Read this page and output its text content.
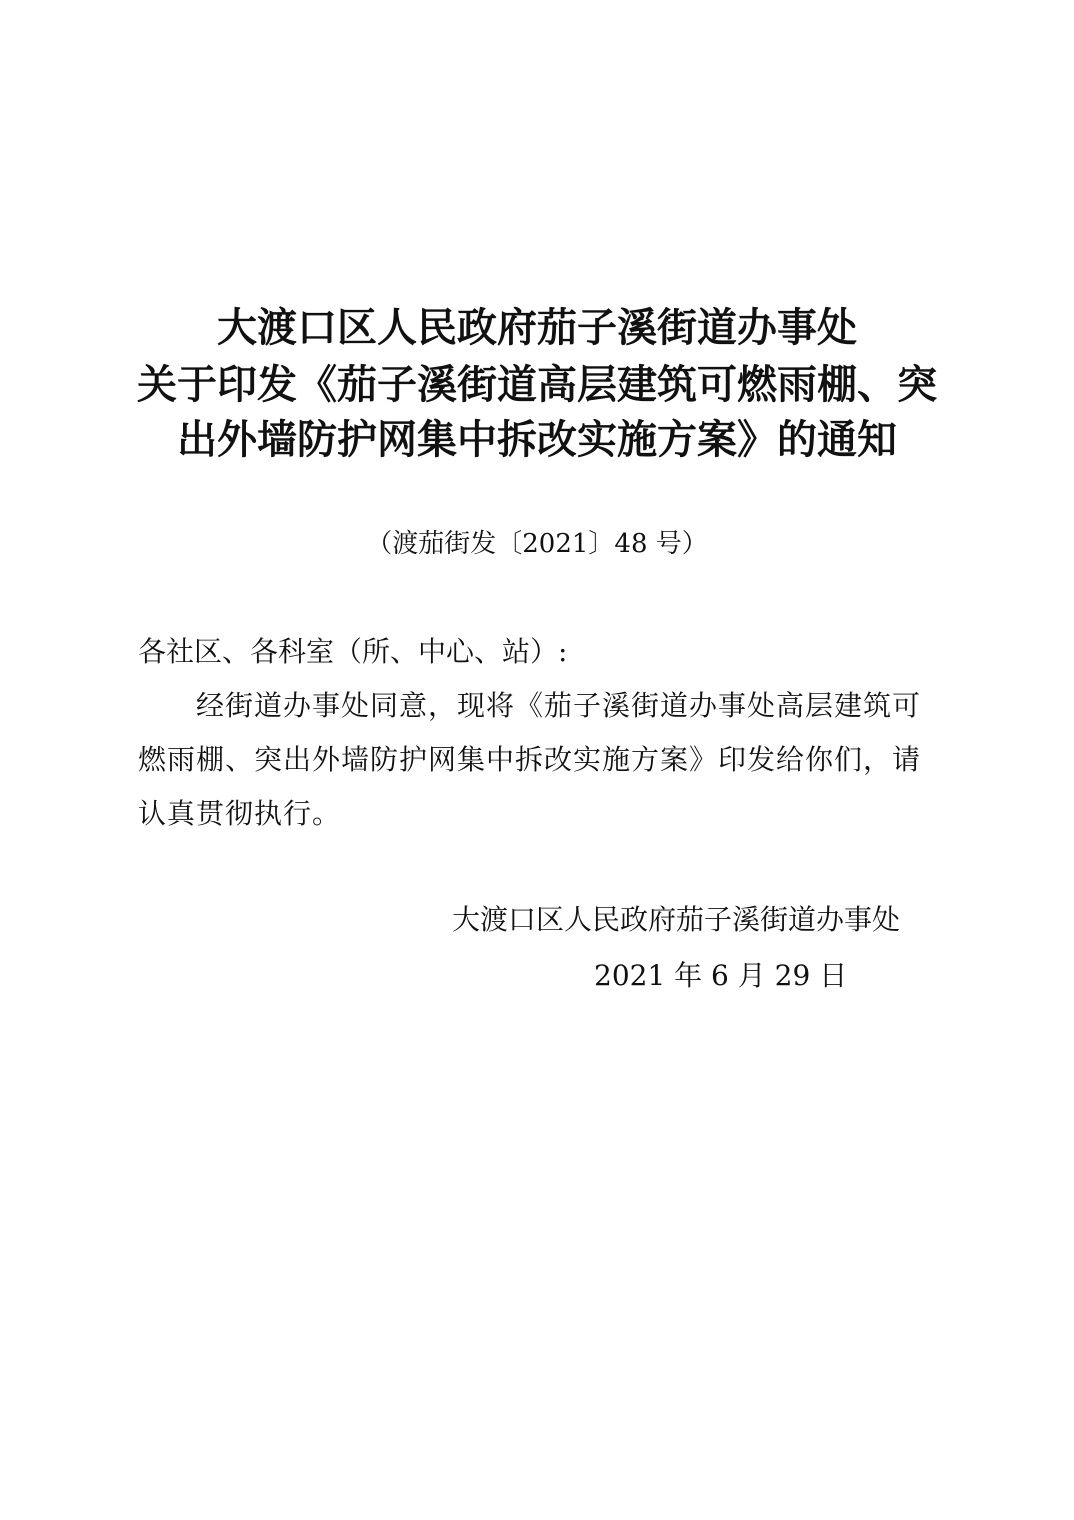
大渡口区人民政府茄子溪街道办事处
关于印发《茄子溪街道高层建筑可燃雨棚、突
出外墙防护网集中拆改实施方案》的通知
（渡茄街发〔2021〕48 号）
各社区、各科室（所、中心、站）:
经街道办事处同意，现将《茄子溪街道办事处高层建筑可
燃雨棚、突出外墙防护网集中拆改实施方案》印发给你们，请
认真贯彻执行。
大渡口区人民政府茄子溪街道办事处
2021 年 6 月 29 日
